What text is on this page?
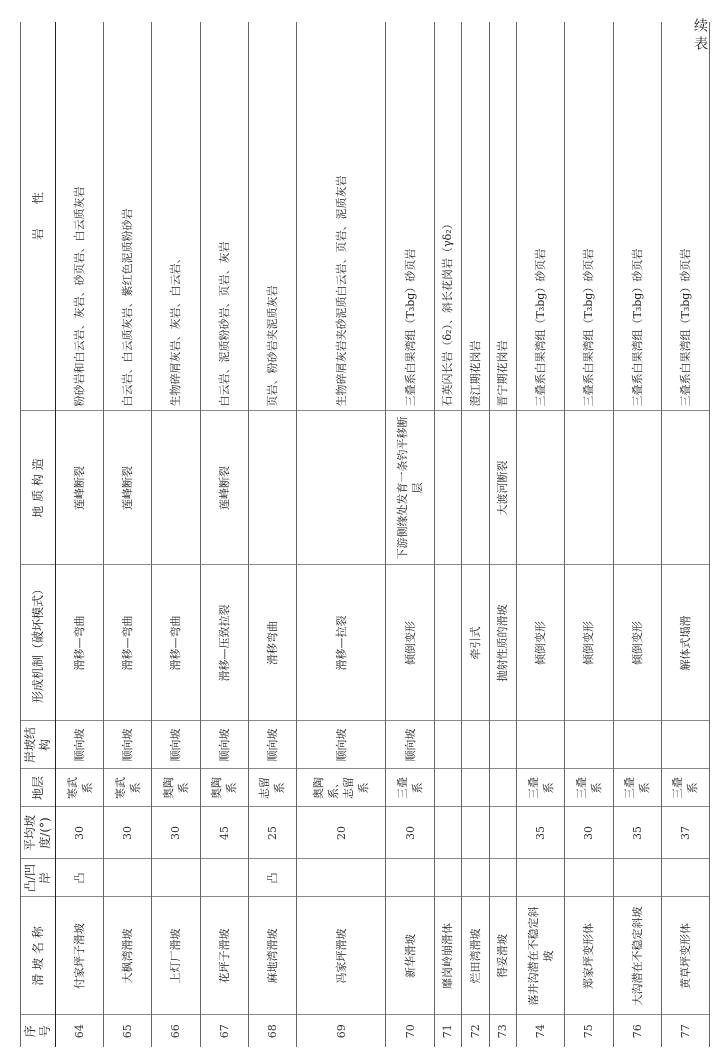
续表
序号	滑 坡 名 称	凸/凹岸	平均坡度/(°)	地层	岸坡结构	形成机制（破坏模式）	地 质 构 造	岩　　性
64	付家坪子滑坡	凸	30	寒武系	顺向坡	滑移—弯曲	莲峰断裂	粉砂岩和白云岩、灰岩、砂页岩、白云质灰岩
65	大枫湾滑坡		30	寒武系	顺向坡	滑移—弯曲	莲峰断裂	白云岩、白云质灰岩、紫红色泥质粉砂岩
66	上灯厂滑坡		30	奥陶系	顺向坡	滑移—弯曲		生物碎屑灰岩、灰岩、白云岩、
67	花坪子滑坡		45	奥陶系	顺向坡	滑移—压致拉裂	莲峰断裂	白云岩、泥质粉砂岩、页岩、灰岩
68	麻地湾滑坡	凸	25	志留系	顺向坡	滑移弯曲		页岩、粉砂岩夹泥质灰岩
69	冯家坪滑坡		20	奥陶系、志留系	顺向坡	滑移—拉裂		生物碎屑灰岩夹砂泥质白云岩、页岩、泥质灰岩
70	新华滑坡		30	三叠系	顺向坡	倾倒变形	下游侧缘处发育一条钓平移断层	三叠系白果湾组（T₃bg）砂页岩
71	靡岗岭崩滑体							石英闪长岩（δ₂）、斜长花岗岩（γδ₂）
72	烂田湾滑坡					牵引式		澄江期花岗岩
73	得妥滑坡					抛射性质的滑坡	大渡河断裂	晋宁期花岗岩
74	落井沟潜在不稳定斜坡		35	三叠系		倾倒变形		三叠系白果湾组（T₃bg）砂页岩
75	郑家坪变形体		30	三叠系		倾倒变形		三叠系白果湾组（T₃bg）砂页岩
76	大沟潜在不稳定斜坡		35	三叠系		倾倒变形		三叠系白果湾组（T₃bg）砂页岩
77	黄草坪变形体		37	三叠系		解体式塌滑		三叠系白果湾组（T₃bg）砂页岩
